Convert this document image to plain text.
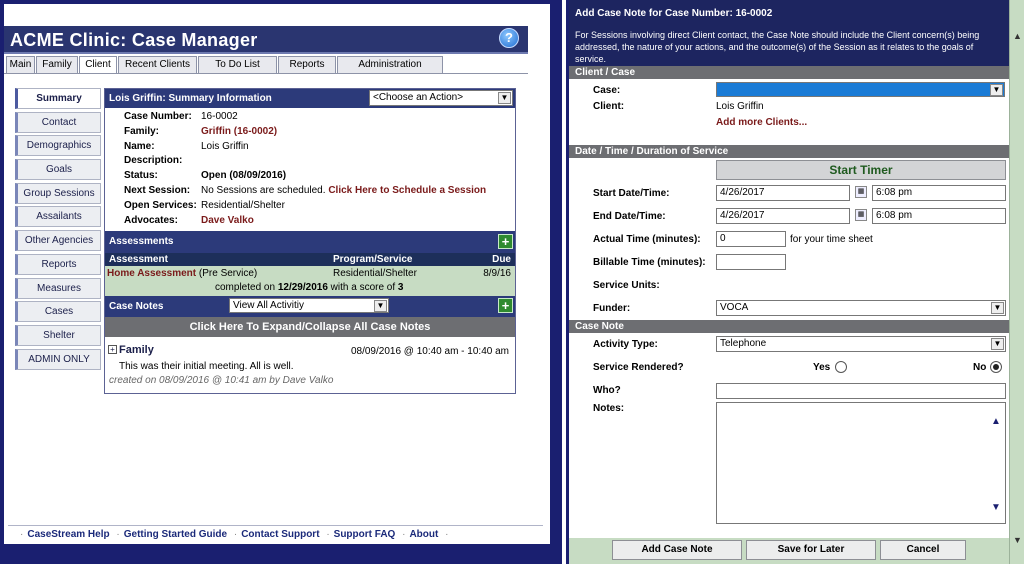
ACME Clinic: Case Manager	?
Main	Family	Client	Recent Clients	To Do List	Reports	Administration
Summary
Contact
Demographics
Goals
Group Sessions
Assailants
Other Agencies
Reports
Measures
Cases
Shelter
ADMIN ONLY
Lois Griffin: Summary Information	<Choose an Action>	▼
Case Number: 16-0002
Family:	Griffin (16-0002)
Name:	Lois Griffin
Description:
Status:	Open (08/09/2016)
Next Session:	No Sessions are scheduled. Click Here to Schedule a Session
Open Services: Residential/Shelter
Advocates:	Dave Valko
Assessments	+
Assessment	Program/Service	Due
Home Assessment (Pre Service)	Residential/Shelter	8/9/16
completed on 12/29/2016 with a score of 3
Case Notes	View All Activitiy	▼	+
Click Here To Expand/Collapse All Case Notes
+ Family	08/09/2016 @ 10:40 am - 10:40 am
This was their initial meeting. All is well.
created on 08/09/2016 @ 10:41 am by Dave Valko
· CaseStream Help · Getting Started Guide · Contact Support · Support FAQ · About ·
Add Case Note for Case Number: 16-0002
▲
▼
For Sessions involving direct Client contact, the Case Note should include the Client concern(s) being addressed, the nature of your actions, and the outcome(s) of the Session as it relates to the goals of service.
Client / Case
Case:	▼
Client:	Lois Griffin
Add more Clients...
Date / Time / Duration of Service
Start Timer
Start Date/Time:	4/26/2017	▦	6:08 pm
End Date/Time:	4/26/2017	▦	6:08 pm
Actual Time (minutes):	0	for your time sheet
Billable Time (minutes):
Service Units:
Funder:	VOCA	▼
Case Note
Activity Type:	Telephone	▼
Service Rendered?	Yes	No
Who?
Notes:
▲
▼
Add Case Note	Save for Later	Cancel
